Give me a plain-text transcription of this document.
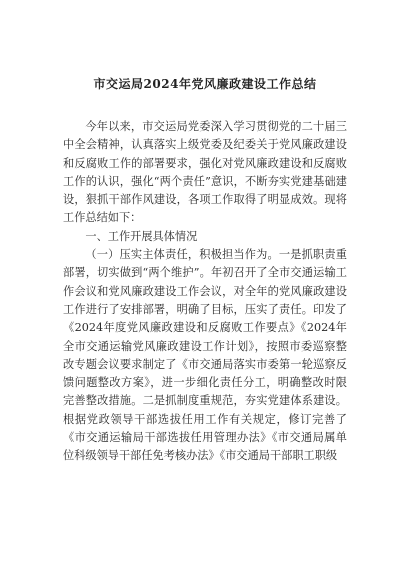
市交运局2024年党风廉政建设工作总结

今年以来，市交运局党委深入学习贯彻党的二十届三中全会精神，认真落实上级党委及纪委关于党风廉政建设和反腐败工作的部署要求，强化对党风廉政建设和反腐败工作的认识，强化“两个责任”意识，不断夯实党建基础建设，狠抓干部作风建设，各项工作取得了明显成效。现将工作总结如下：

一、工作开展具体情况

（一）压实主体责任，积极担当作为。一是抓职责重部署，切实做到“两个维护”。年初召开了全市交通运输工作会议和党风廉政建设工作会议，对全年的党风廉政建设工作进行了安排部署，明确了目标，压实了责任。印发了《2024年度党风廉政建设和反腐败工作要点》《2024年全市交通运输党风廉政建设工作计划》，按照市委巡察整改专题会议要求制定了《市交通局落实市委第一轮巡察反馈问题整改方案》，进一步细化责任分工，明确整改时限完善整改措施。二是抓制度重规范，夯实党建体系建设。根据党政领导干部选拔任用工作有关规定，修订完善了《市交通运输局干部选拔任用管理办法》《市交通局属单位科级领导干部任免考核办法》《市交通局干部职工职级
